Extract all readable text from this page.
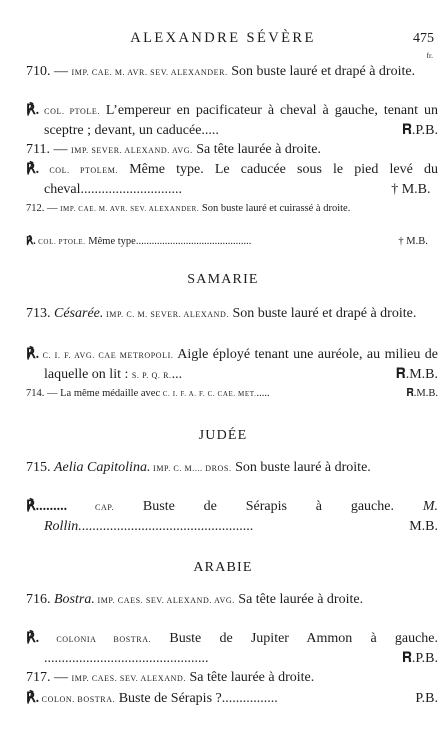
ALEXANDRE SÉVÈRE	475
fr.
710. — IMP. CAE. M. AVR. SEV. ALEXANDER. Son buste lauré et drapé à droite.
℟. COL. PTOLE. L’empereur en pacificateur à cheval à gauche, tenant un sceptre ; devant, un caducée.....	𝐑.P.B.
711. — IMP. SEVER. ALEXAND. AVG. Sa tête laurée à droite.
℟. COL. PTOLEM. Même type. Le caducée sous le pied levé du cheval.............................	† M.B.
712. — IMP. CAE. M. AVR. SEV. ALEXANDER. Son buste lauré et cuirassé à droite.
℟. COL. PTOLE. Même type............................................	† M.B.
SAMARIE
713. Césarée. IMP. C. M. SEVER. ALEXAND. Son buste lauré et drapé à droite.
℟. C. I. F. AVG. CAE METROPOLI. Aigle éployé tenant une auréole, au milieu de laquelle on lit : S. P. Q. R....	𝐑.M.B.
714. — La même médaille avec C. I. F. A. F. C. CAE. MET......	𝐑.M.B.
JUDÉE
715. Aelia Capitolina. IMP. C. M.... DROS. Son buste lauré à droite.
℟......... CAP. Buste de Sérapis à gauche. M. Rollin..................................................	M.B.
ARABIE
716. Bostra. IMP. CAES. SEV. ALEXAND. AVG. Sa tête laurée à droite.
℟. COLONIA BOSTRA. Buste de Jupiter Ammon à gauche. ...............................................	𝐑.P.B.
717. — IMP. CAES. SEV. ALEXAND. Sa tête laurée à droite.
℟. COLON. BOSTRA. Buste de Sérapis ?................	P.B.
